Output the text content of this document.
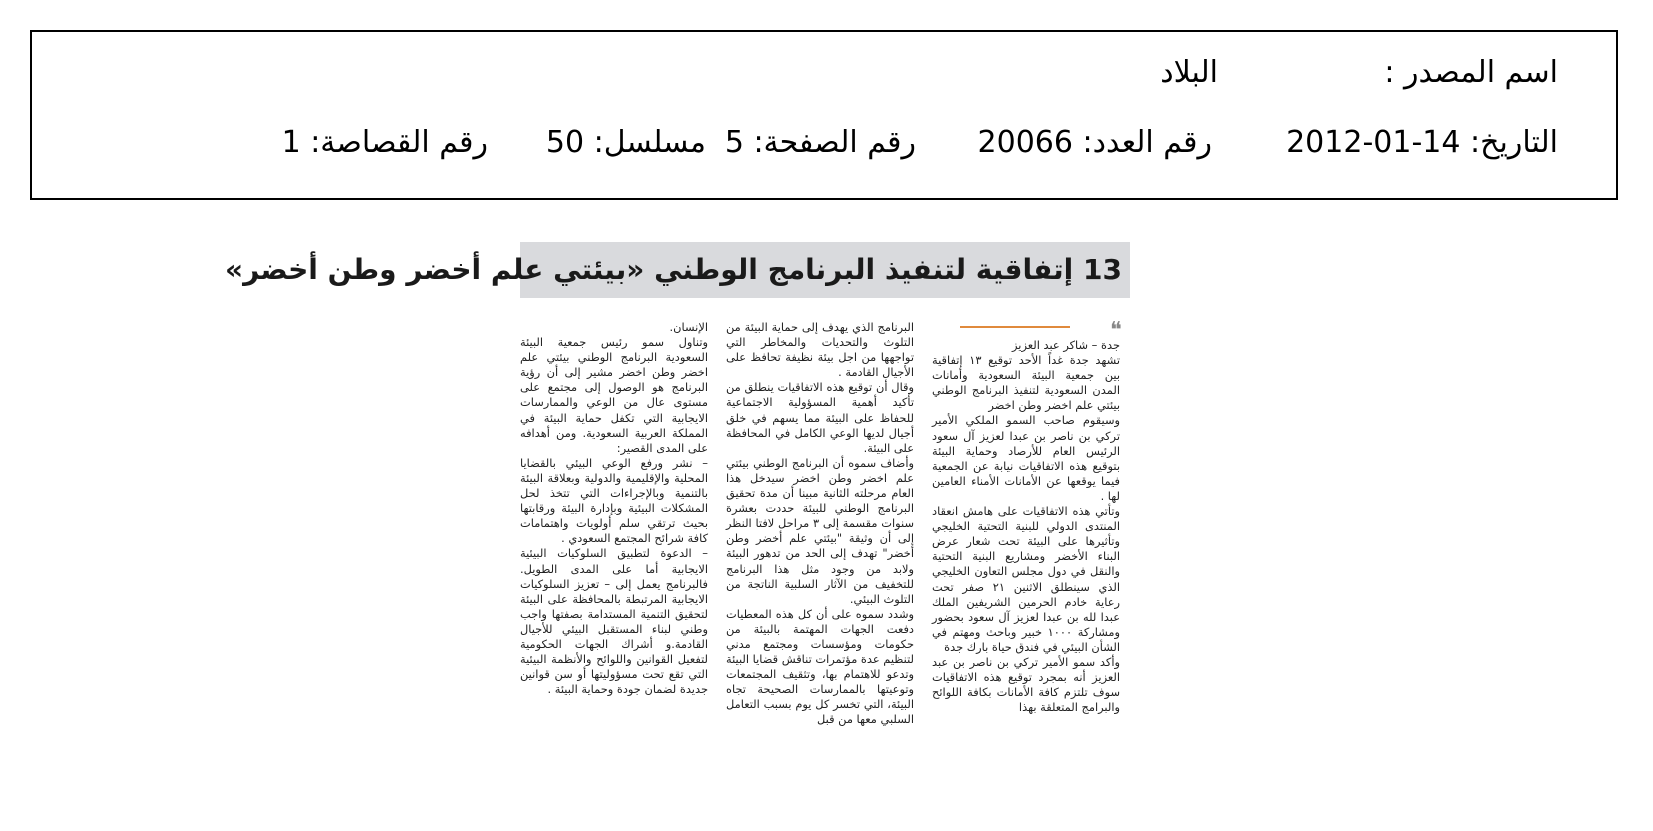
اسم المصدر :
البلاد
التاريخ: 14-01-2012
رقم العدد: 20066
رقم الصفحة: 5
مسلسل: 50
رقم القصاصة: 1
13 إتفاقية لتنفيذ البرنامج الوطني «بيئتي علم أخضر وطن أخضر»
❝

جدة – شاكر عبد العزيز

تشهد جدة غداً الأحد توقيع ١٣ إتفاقية بين جمعية البيئة السعودية وأمانات المدن السعودية لتنفيذ البرنامج الوطني بيئتي علم اخضر وطن اخضر

وسيقوم صاحب السمو الملكي الأمير تركي بن ناصر بن عبدا لعزيز آل سعود الرئيس العام للأرصاد وحماية البيئة بتوقيع هذه الاتفاقيات نيابة عن الجمعية فيما يوقعها عن الأمانات الأمناء العامين لها .

وتأتي هذه الاتفاقيات على هامش انعقاد المنتدى الدولي للبنية التحتية الخليجي وتأثيرها على البيئة تحت شعار عرض البناء الأخضر ومشاريع البنية التحتية والنقل في دول مجلس التعاون الخليجي الذي سينطلق الاثنين ٢١ صفر تحت رعاية خادم الحرمين الشريفين الملك عبدا لله بن عبدا لعزيز آل سعود بحضور ومشاركة ١٠٠٠ خبير وباحث ومهتم في الشأن البيئي في فندق حياة بارك جدة

وأكد سمو الأمير تركي بن ناصر بن عبد العزيز أنه بمجرد توقيع هذه الاتفاقيات سوف تلتزم كافة الأمانات بكافة اللوائح والبرامج المتعلقة بهذا

البرنامج الذي يهدف إلى حماية البيئة من التلوث والتحديات والمخاطر التي تواجهها من اجل بيئة نظيفة تحافظ على الأجيال القادمة .

وقال أن توقيع هذه الاتفاقيات ينطلق من تأكيد أهمية المسؤولية الاجتماعية للحفاظ على البيئة مما يسهم في خلق أجيال لديها الوعي الكامل في المحافظة على البيئة.

وأضاف سموه أن البرنامج الوطني بيئتي علم اخضر وطن اخضر سيدخل هذا العام مرحلته الثانية مبينا أن مدة تحقيق البرنامج الوطني للبيئة حددت بعشرة سنوات مقسمة إلى ٣ مراحل لافتا النظر إلى أن وثيقة "بيئتي علم أخضر وطن أخضر" تهدف إلى الحد من تدهور البيئة ولابد من وجود مثل هذا البرنامج للتخفيف من الآثار السلبية الناتجة من التلوث البيئي.

وشدد سموه على أن كل هذه المعطيات دفعت الجهات المهتمة بالبيئة من حكومات ومؤسسات ومجتمع مدني لتنظيم عدة مؤتمرات تناقش قضايا البيئة وتدعو للاهتمام بها، وتثقيف المجتمعات وتوعيتها بالممارسات الصحيحة تجاه البيئة، التي تخسر كل يوم بسبب التعامل السلبي معها من قبل

الإنسان.

وتناول سمو رئيس جمعية البيئة السعودية البرنامج الوطني بيئتي علم اخضر وطن اخضر مشير إلى أن رؤية البرنامج هو الوصول إلى مجتمع على مستوى عال من الوعي والممارسات الايجابية التي تكفل حماية البيئة في المملكة العربية السعودية. ومن أهدافه على المدى القصير:

– نشر ورفع الوعي البيئي بالقضايا المحلية والإقليمية والدولية وبعلاقة البيئة بالتنمية وبالإجراءات التي تتخذ لحل المشكلات البيئية وبإدارة البيئة ورقابتها بحيث ترتقي سلم أولويات واهتمامات كافة شرائح المجتمع السعودي .

– الدعوة لتطبيق السلوكيات البيئية الايجابية أما على المدى الطويل. فالبرنامج يعمل إلى – تعزيز السلوكيات الايجابية المرتبطة بالمحافظة على البيئة لتحقيق التنمية المستدامة بصفتها واجب وطني لبناء المستقبل البيئي للأجيال القادمة.و أشراك الجهات الحكومية لتفعيل القوانين واللوائح والأنظمة البيئية التي تقع تحت مسؤوليتها أو سن قوانين جديدة لضمان جودة وحماية البيئة .
